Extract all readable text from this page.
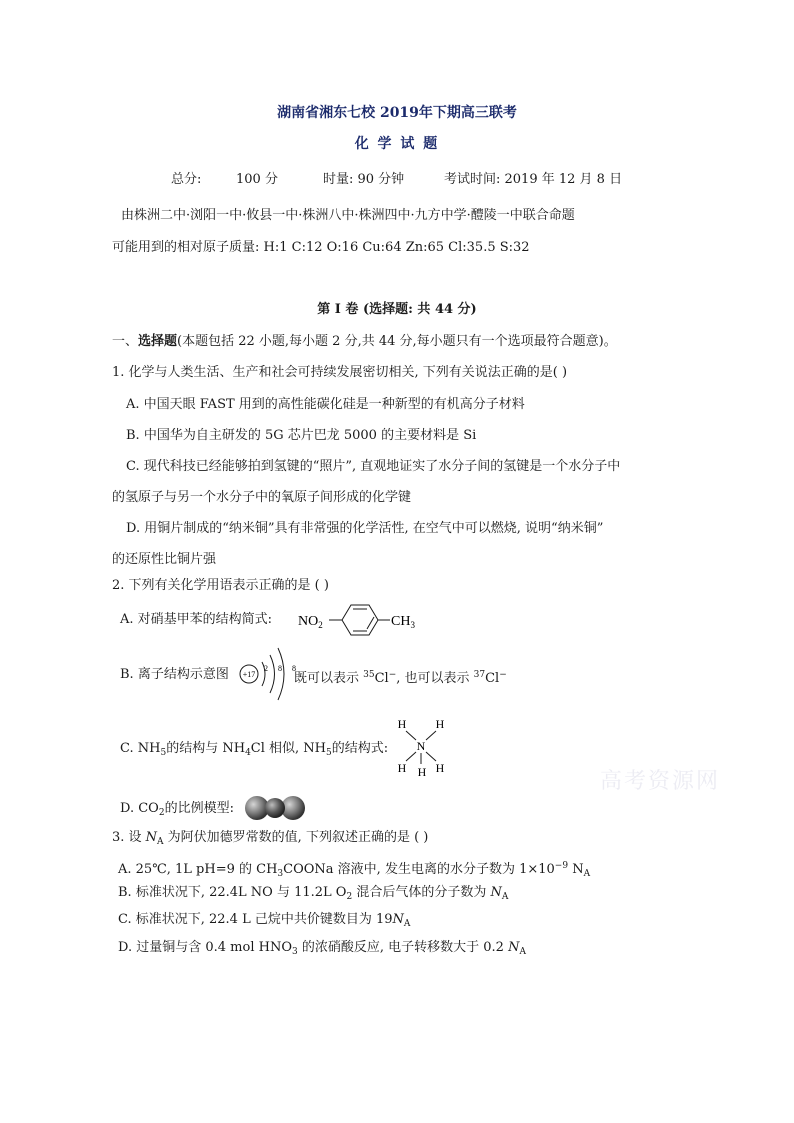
湖南省湘东七校 2019年下期高三联考
化 学 试 题
总分:	100 分	时量: 90 分钟	考试时间: 2019 年 12 月 8 日
由株洲二中·浏阳一中·攸县一中·株洲八中·株洲四中·九方中学·醴陵一中联合命题
可能用到的相对原子质量: H:1 C:12 O:16 Cu:64 Zn:65 Cl:35.5 S:32
第 I 卷 (选择题: 共 44 分)
一、选择题(本题包括 22 小题,每小题 2 分,共 44 分,每小题只有一个选项最符合题意)。
1. 化学与人类生活、生产和社会可持续发展密切相关, 下列有关说法正确的是( )
A. 中国天眼 FAST 用到的高性能碳化硅是一种新型的有机高分子材料
B. 中国华为自主研发的 5G 芯片巴龙 5000 的主要材料是 Si
C. 现代科技已经能够拍到氢键的“照片”, 直观地证实了水分子间的氢键是一个水分子中
的氢原子与另一个水分子中的氧原子间形成的化学键
D. 用铜片制成的“纳米铜”具有非常强的化学活性, 在空气中可以燃烧, 说明“纳米铜”
的还原性比铜片强
2. 下列有关化学用语表示正确的是 ( )
A. 对硝基甲苯的结构简式: $NO_2$	$CH_3$
B. 离子结构示意图 +17
2 8 8
既可以表示 $^{35}$Cl−, 也可以表示 $^{37}$Cl−
C. $NH_5$的结构与 $NH_4Cl$ 相似, $NH_5$的结构式:
H H
N
H H H
D. $CO_2$的比例模型:
3. 设 $N_A$ 为阿伏加德罗常数的值, 下列叙述正确的是 ( )
A. 25℃, 1L pH=9 的 $CH_3COONa$ 溶液中, 发生电离的水分子数为 $1\times 10^{-9}$ $N_A$
B. 标准状况下, 22.4L NO 与 11.2L $O_2$ 混合后气体的分子数为 $N_A$
C. 标准状况下, 22.4 L 己烷中共价键数目为 $19N_A$
D. 过量铜与含 0.4 mol $HNO_3$ 的浓硝酸反应, 电子转移数大于 0.2 $N_A$
高考资源网
